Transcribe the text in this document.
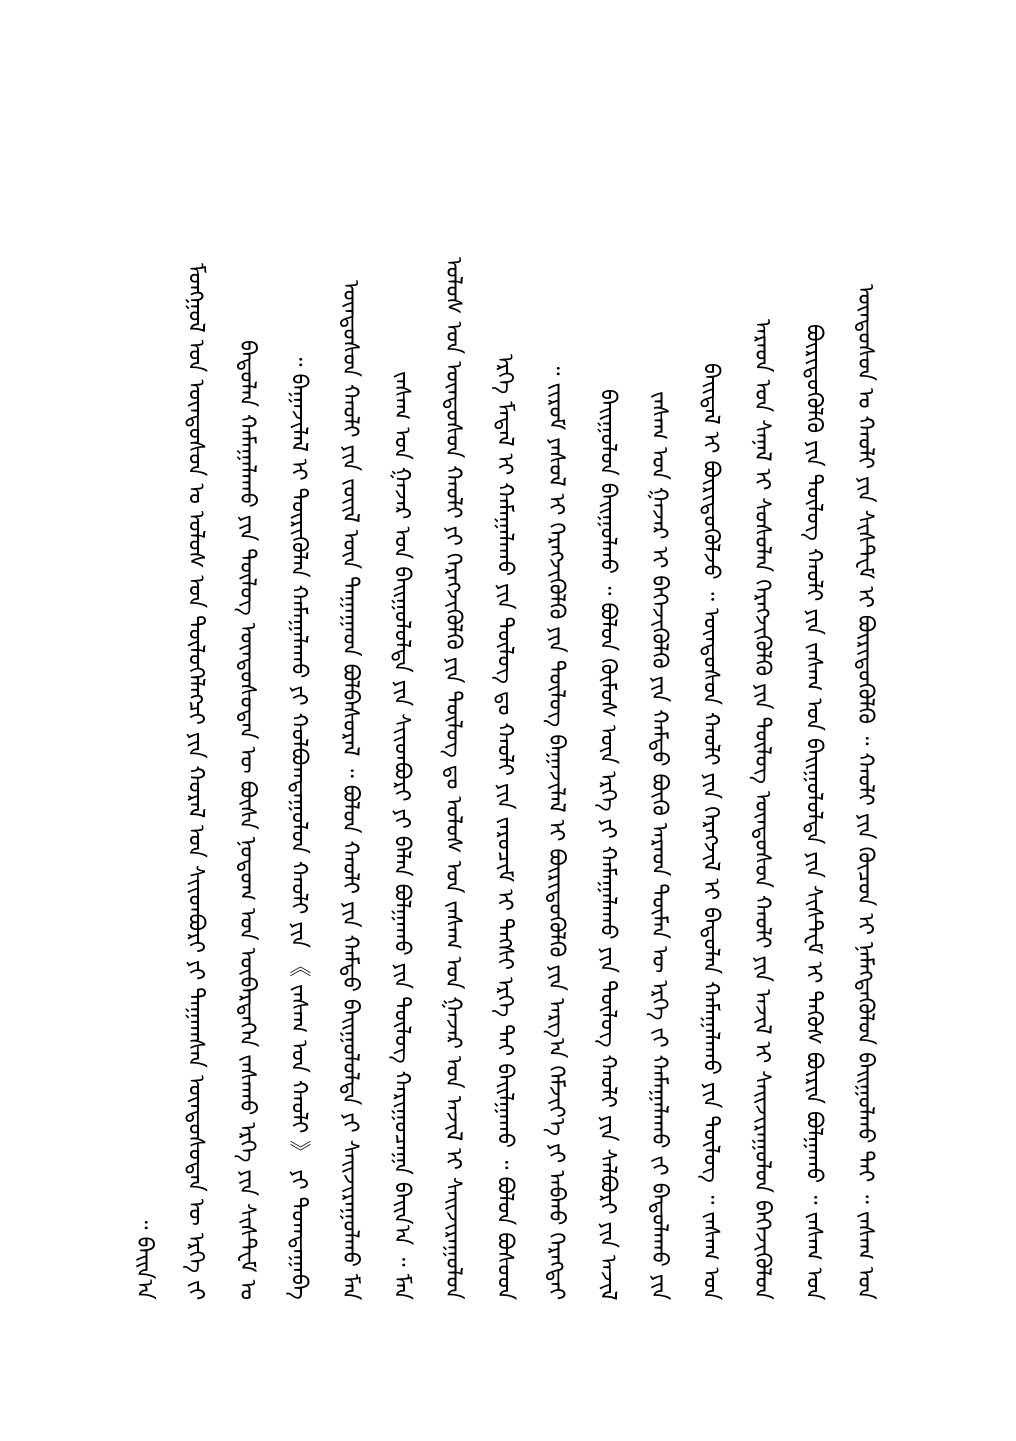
ᠪᠠᠢᠨ᠎ᠠ ᠃	ᠮᠤᠩᠭᠤᠯ ᠤᠨ ᠦᠨᠳᠦᠰᠦᠨ ᠤ ᠤᠯᠤᠰ ᠤᠨ ᠲᠥᠯᠦᠭᠡᠯᠡᠭᠴᠢ ᠶᠢᠨ ᠬᠤᠷᠠᠯ ᠤᠨ ᠰᠢᠢᠳᠪᠦᠷᠢ ᠶᠢ ᠳᠠᠭᠠᠭᠰᠠᠨ ᠦᠨᠳᠦᠰᠦᠲᠡᠨ ᠦ ᠡᠷᠬᠡ ᠵᠢ	ᠪᠠᠲᠤᠯᠠᠨ ᠬᠠᠮᠠᠭᠠᠯᠠᠬᠤ ᠶᠢᠨ ᠲᠥᠯᠥᠭ᠌ ᠦᠨᠳᠦᠰᠦᠲᠡᠨ ᠦ ᠪᠥᠰᠡ ᠨᠤᠲᠤᠭ ᠤᠨ ᠥᠪᠡᠷᠲᠡᠭᠡᠨ ᠵᠠᠰᠠᠬᠤ ᠡᠷᠬᠡ ᠶᠢᠨ ᠰᠢᠰᠲ᠋ᠧᠮ ᠤ	ᠪᠠᠭᠠᠵᠢᠯᠠᠯ ᠢ ᠲᠦᠷᠢᠭᠦᠯᠡᠨ ᠬᠠᠮᠠᠭᠠᠯᠠᠬᠤ ᠶᠢ ᠬᠤᠯᠪᠤᠭᠳᠠᠭᠤᠯᠤᠨ ᠬᠠᠤᠯᠢ ᠶᠢᠨ 《 ᠵᠠᠰᠠᠭ ᠤᠨ ᠬᠠᠤᠯᠢ 》 ᠶᠢ ᠲᠣᠭᠲᠠᠭᠠᠪᠠ ᠃	ᠦᠨᠳᠦᠰᠦᠨ ᠬᠠᠤᠯᠢ ᠶᠢᠨ ᠵᠦᠢᠯ ᠦᠨ ᠳᠠᠭᠠᠭᠠᠳ ᠪᠤᠯᠪᠠᠰᠤᠷᠠᠯ ᠃ ᠪᠤᠯᠤᠨ ᠬᠠᠤᠯᠢ ᠶᠢᠨ ᠬᠠᠮᠲᠤ ᠪᠠᠢᠭᠤᠯᠤᠯᠲᠠ ᠶᠢ ᠰᠠᠢᠵᠢᠷᠠᠭᠤᠯᠬᠤ ᠮᠠᠨ	ᠵᠠᠰᠠᠭ ᠤᠨ ᠭᠠᠵᠠᠷ ᠤᠨ ᠪᠠᠢᠭᠤᠯᠤᠯᠲᠠ ᠶᠢᠨ ᠰᠢᠢᠳᠪᠦᠷᠢ ᠶᠢ ᠪᠡᠯᠡᠨ ᠪᠤᠯᠭᠠᠬᠤ ᠶᠢᠨ ᠲᠥᠯᠥᠭ᠌ ᠬᠠᠷᠢᠭᠤᠴᠠᠭᠠ ᠪᠠᠢᠨ᠎ᠠ ᠃ ᠮᠠᠨ	ᠤᠯᠤᠰ ᠤᠨ ᠦᠨᠳᠦᠰᠦᠨ ᠬᠠᠤᠯᠢ ᠶᠢ ᠬᠡᠷᠡᠭᠵᠢᠭᠦᠯᠬᠦ ᠶᠢᠨ ᠲᠥᠯᠥᠭ᠌ ᠳᠤ ᠤᠯᠤᠰ ᠤᠨ ᠵᠠᠰᠠᠭ ᠤᠨ ᠭᠠᠵᠠᠷ ᠤᠨ ᠠᠵᠢᠯ ᠢ ᠰᠠᠢᠵᠢᠷᠠᠭᠤᠯᠤᠨ	ᠡᠷᠬᠡ ᠮᠡᠳᠡᠯ ᠢ ᠬᠠᠮᠠᠭᠠᠯᠠᠬᠤ ᠶᠢᠨ ᠲᠥᠯᠥᠭ᠌ ᠳᠤ ᠬᠠᠤᠯᠢ ᠶᠢᠨ ᠵᠠᠷᠤᠴᠢᠮ ᠢ ᠲᠡᠭᠰᠢ ᠡᠷᠬᠡ ᠲᠠᠢ ᠪᠠᠢᠯᠭᠠᠬᠤ ᠃ ᠪᠤᠯᠤᠨ ᠪᠤᠰᠤᠳ	ᠵᠢᠷᠤᠮ ᠶᠠᠰᠤᠯ ᠢ ᠬᠡᠷᠡᠭᠵᠢᠭᠦᠯᠬᠦ ᠶᠢᠨ ᠲᠥᠯᠥᠭ᠌ ᠪᠠᠭᠠᠵᠢᠯᠠᠯ ᠢ ᠪᠦᠷᠢᠳᠦᠭᠦᠯᠬᠦ ᠶᠢᠨ ᠠᠷᠭ᠎ᠠ ᠬᠡᠮᠵᠢᠶ᠎ᠡ ᠶᠢ ᠠᠪᠬᠤ ᠬᠡᠷᠡᠭᠲᠡᠢ ᠃	ᠪᠠᠢᠭᠤᠯᠤᠨ ᠪᠠᠢᠭᠤᠯᠬᠤ ᠃ ᠪᠤᠯᠤᠨ ᠬᠦᠮᠦᠰ ᠦᠨ ᠡᠷᠬᠡ ᠶᠢ ᠬᠠᠮᠠᠭᠠᠯᠠᠬᠤ ᠶᠢᠨ ᠲᠥᠯᠥᠭ᠌ ᠬᠠᠤᠯᠢ ᠶᠢᠨ ᠰᠠᠯᠪᠤᠷᠢ ᠶᠢᠨ ᠠᠵᠢᠯ	ᠵᠠᠰᠠᠭ ᠤᠨ ᠭᠠᠵᠠᠷ ᠢ ᠪᠡᠬᠡᠵᠢᠭᠦᠯᠬᠦ ᠶᠢᠨ ᠬᠠᠮᠲᠤ ᠪᠦᠬᠦ ᠠᠷᠠᠳ ᠲᠦᠮᠡᠨ ᠦ ᠡᠷᠬᠡ ᠵᠢ ᠬᠠᠮᠠᠭᠠᠯᠠᠬᠤ ᠵᠢ ᠪᠠᠲᠤᠯᠠᠬᠤ ᠶᠢᠨ	ᠪᠠᠢᠳᠠᠯ ᠢ ᠪᠦᠷᠢᠳᠦᠭᠦᠯᠵᠦ ᠃ ᠦᠨᠳᠦᠰᠦᠨ ᠬᠠᠤᠯᠢ ᠶᠢᠨ ᠬᠡᠷᠡᠭᠵᠢᠯ ᠢ ᠪᠠᠲᠤᠯᠠᠨ ᠬᠠᠮᠠᠭᠠᠯᠠᠬᠤ ᠶᠢᠨ ᠲᠥᠯᠥᠭ᠌ ᠃ ᠵᠠᠰᠠᠭ ᠤᠨ	ᠠᠷᠠᠳ ᠤᠨ ᠰᠠᠨᠠᠯ ᠢ ᠰᠤᠰᠤᠯᠠᠨ ᠬᠡᠷᠡᠭᠵᠢᠭᠦᠯᠬᠦ ᠶᠢᠨ ᠲᠥᠯᠥᠭ᠌ ᠦᠨᠳᠦᠰᠦᠨ ᠬᠠᠤᠯᠢ ᠶᠢᠨ ᠠᠵᠢᠯ ᠢ ᠰᠠᠢᠵᠢᠷᠠᠭᠤᠯᠤᠨ ᠪᠡᠬᠡᠵᠢᠭᠦᠯᠦᠨ	ᠪᠦᠷᠢᠳᠦᠭᠦᠯᠬᠦ ᠶᠢᠨ ᠲᠥᠯᠥᠭ᠌ ᠬᠠᠤᠯᠢ ᠶᠢᠨ ᠵᠠᠰᠠᠭ ᠤᠨ ᠪᠠᠢᠭᠤᠯᠤᠯᠲᠠ ᠶᠢᠨ ᠰᠢᠰᠲ᠋ᠧᠮ ᠢ ᠲᠡᠭᠦᠰ ᠪᠦᠷᠢᠨ ᠪᠤᠯᠭᠠᠬᠤ ᠃ ᠵᠠᠰᠠᠭ ᠤᠨ	ᠦᠨᠳᠦᠰᠦᠨ ᠤ ᠬᠠᠤᠯᠢ ᠶᠢᠨ ᠰᠢᠰᠲ᠋ᠧᠮ ᠢ ᠪᠦᠷᠢᠳᠦᠭᠦᠯᠬᠦ ᠃ ᠬᠠᠤᠯᠢ ᠶᠢᠨ ᠬᠦᠴᠦᠨ ᠢ ᠨᠡᠮᠡᠭᠳᠡᠭᠦᠯᠦᠨ ᠪᠠᠢᠭᠤᠯᠬᠤ ᠲᠠᠢ ᠃ ᠵᠠᠰᠠᠭ ᠤᠨ
